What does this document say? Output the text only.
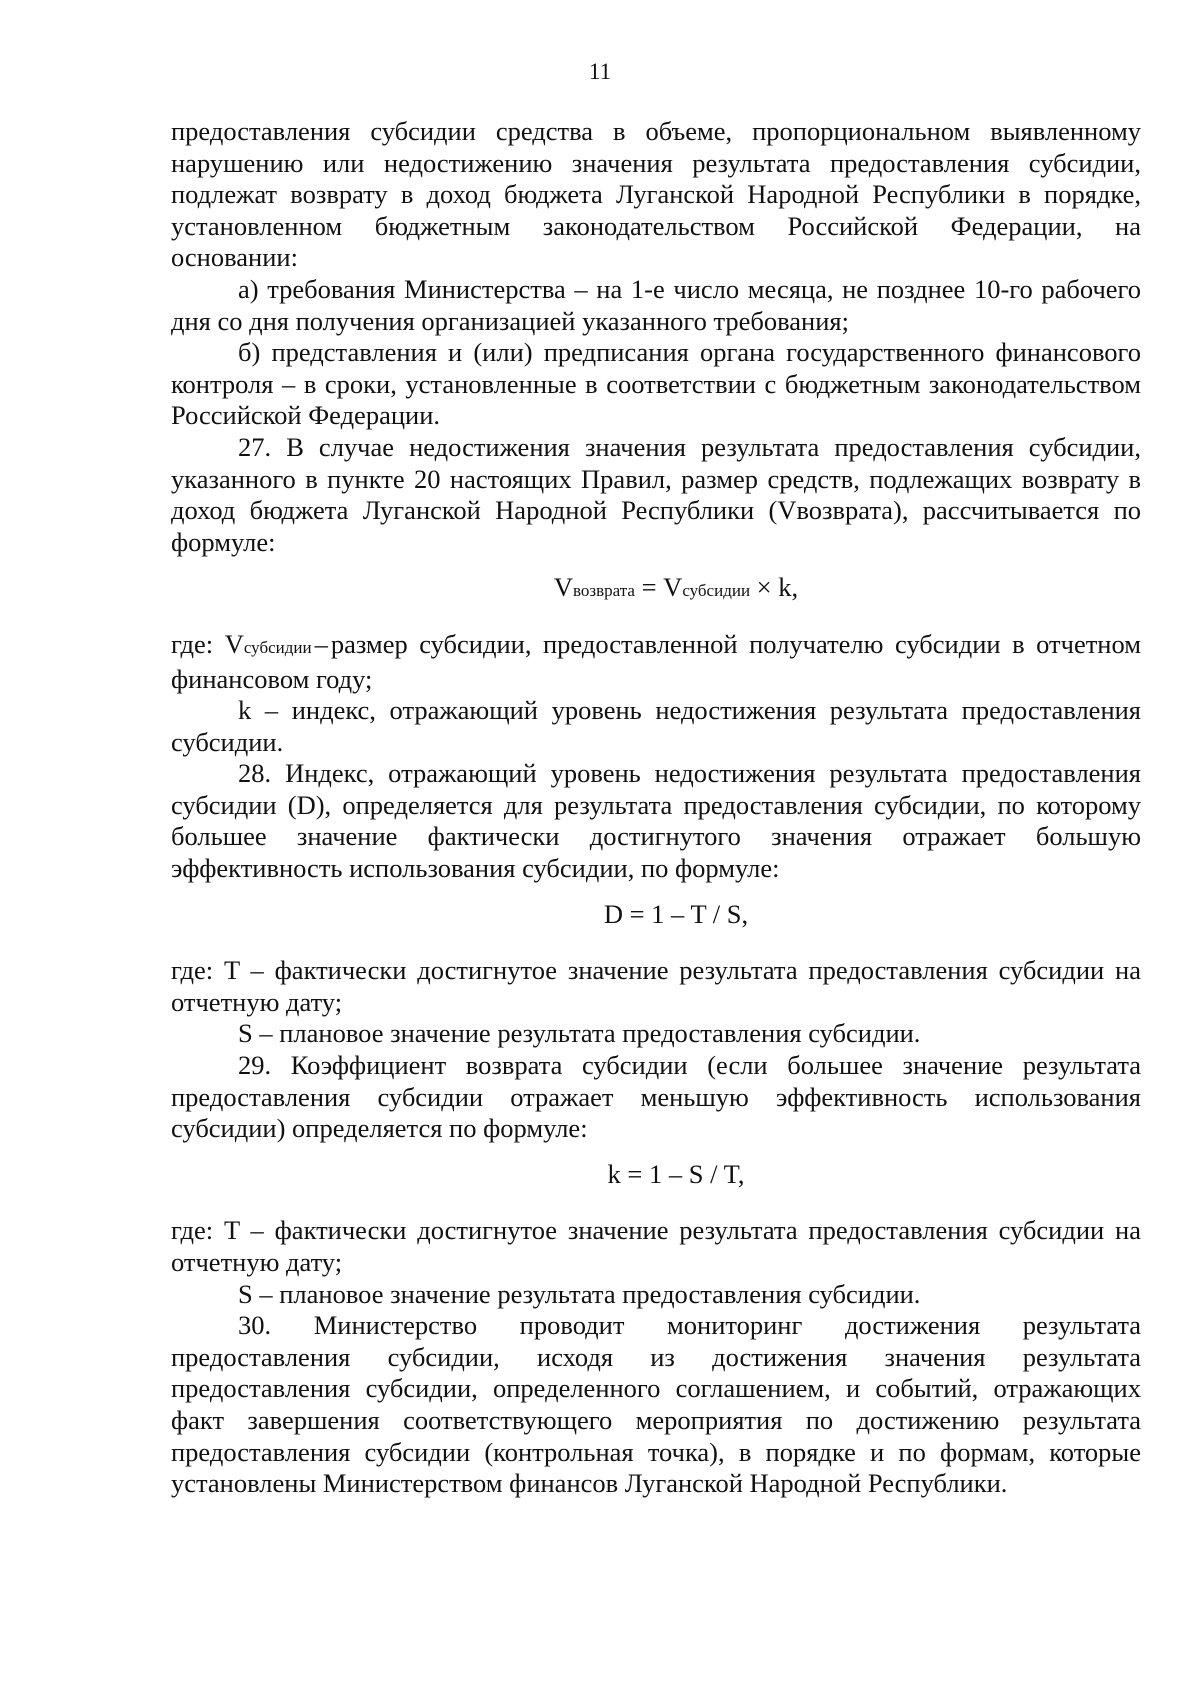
11

предоставления субсидии средства в объеме, пропорциональном выявленному нарушению или недостижению значения результата предоставления субсидии, подлежат возврату в доход бюджета Луганской Народной Республики в порядке, установленном бюджетным законодательством Российской Федерации, на основании:

а) требования Министерства – на 1-е число месяца, не позднее 10-го рабочего дня со дня получения организацией указанного требования;

б) представления и (или) предписания органа государственного финансового контроля – в сроки, установленные в соответствии с бюджетным законодательством Российской Федерации.

27. В случае недостижения значения результата предоставления субсидии, указанного в пункте 20 настоящих Правил, размер средств, подлежащих возврату в доход бюджета Луганской Народной Республики (Vвозврата), рассчитывается по формуле:

Vвозврата = Vсубсидии × k,

где: Vсубсидии – размер субсидии, предоставленной получателю субсидии в отчетном финансовом году;

k – индекс, отражающий уровень недостижения результата предоставления субсидии.

28. Индекс, отражающий уровень недостижения результата предоставления субсидии (D), определяется для результата предоставления субсидии, по которому большее значение фактически достигнутого значения отражает большую эффективность использования субсидии, по формуле:

D = 1 – T / S,

где: T – фактически достигнутое значение результата предоставления субсидии на отчетную дату;

S – плановое значение результата предоставления субсидии.

29. Коэффициент возврата субсидии (если большее значение результата предоставления субсидии отражает меньшую эффективность использования субсидии) определяется по формуле:

k = 1 – S / T,

где: T – фактически достигнутое значение результата предоставления субсидии на отчетную дату;

S – плановое значение результата предоставления субсидии.

30. Министерство проводит мониторинг достижения результата предоставления субсидии, исходя из достижения значения результата предоставления субсидии, определенного соглашением, и событий, отражающих факт завершения соответствующего мероприятия по достижению результата предоставления субсидии (контрольная точка), в порядке и по формам, которые установлены Министерством финансов Луганской Народной Республики.
